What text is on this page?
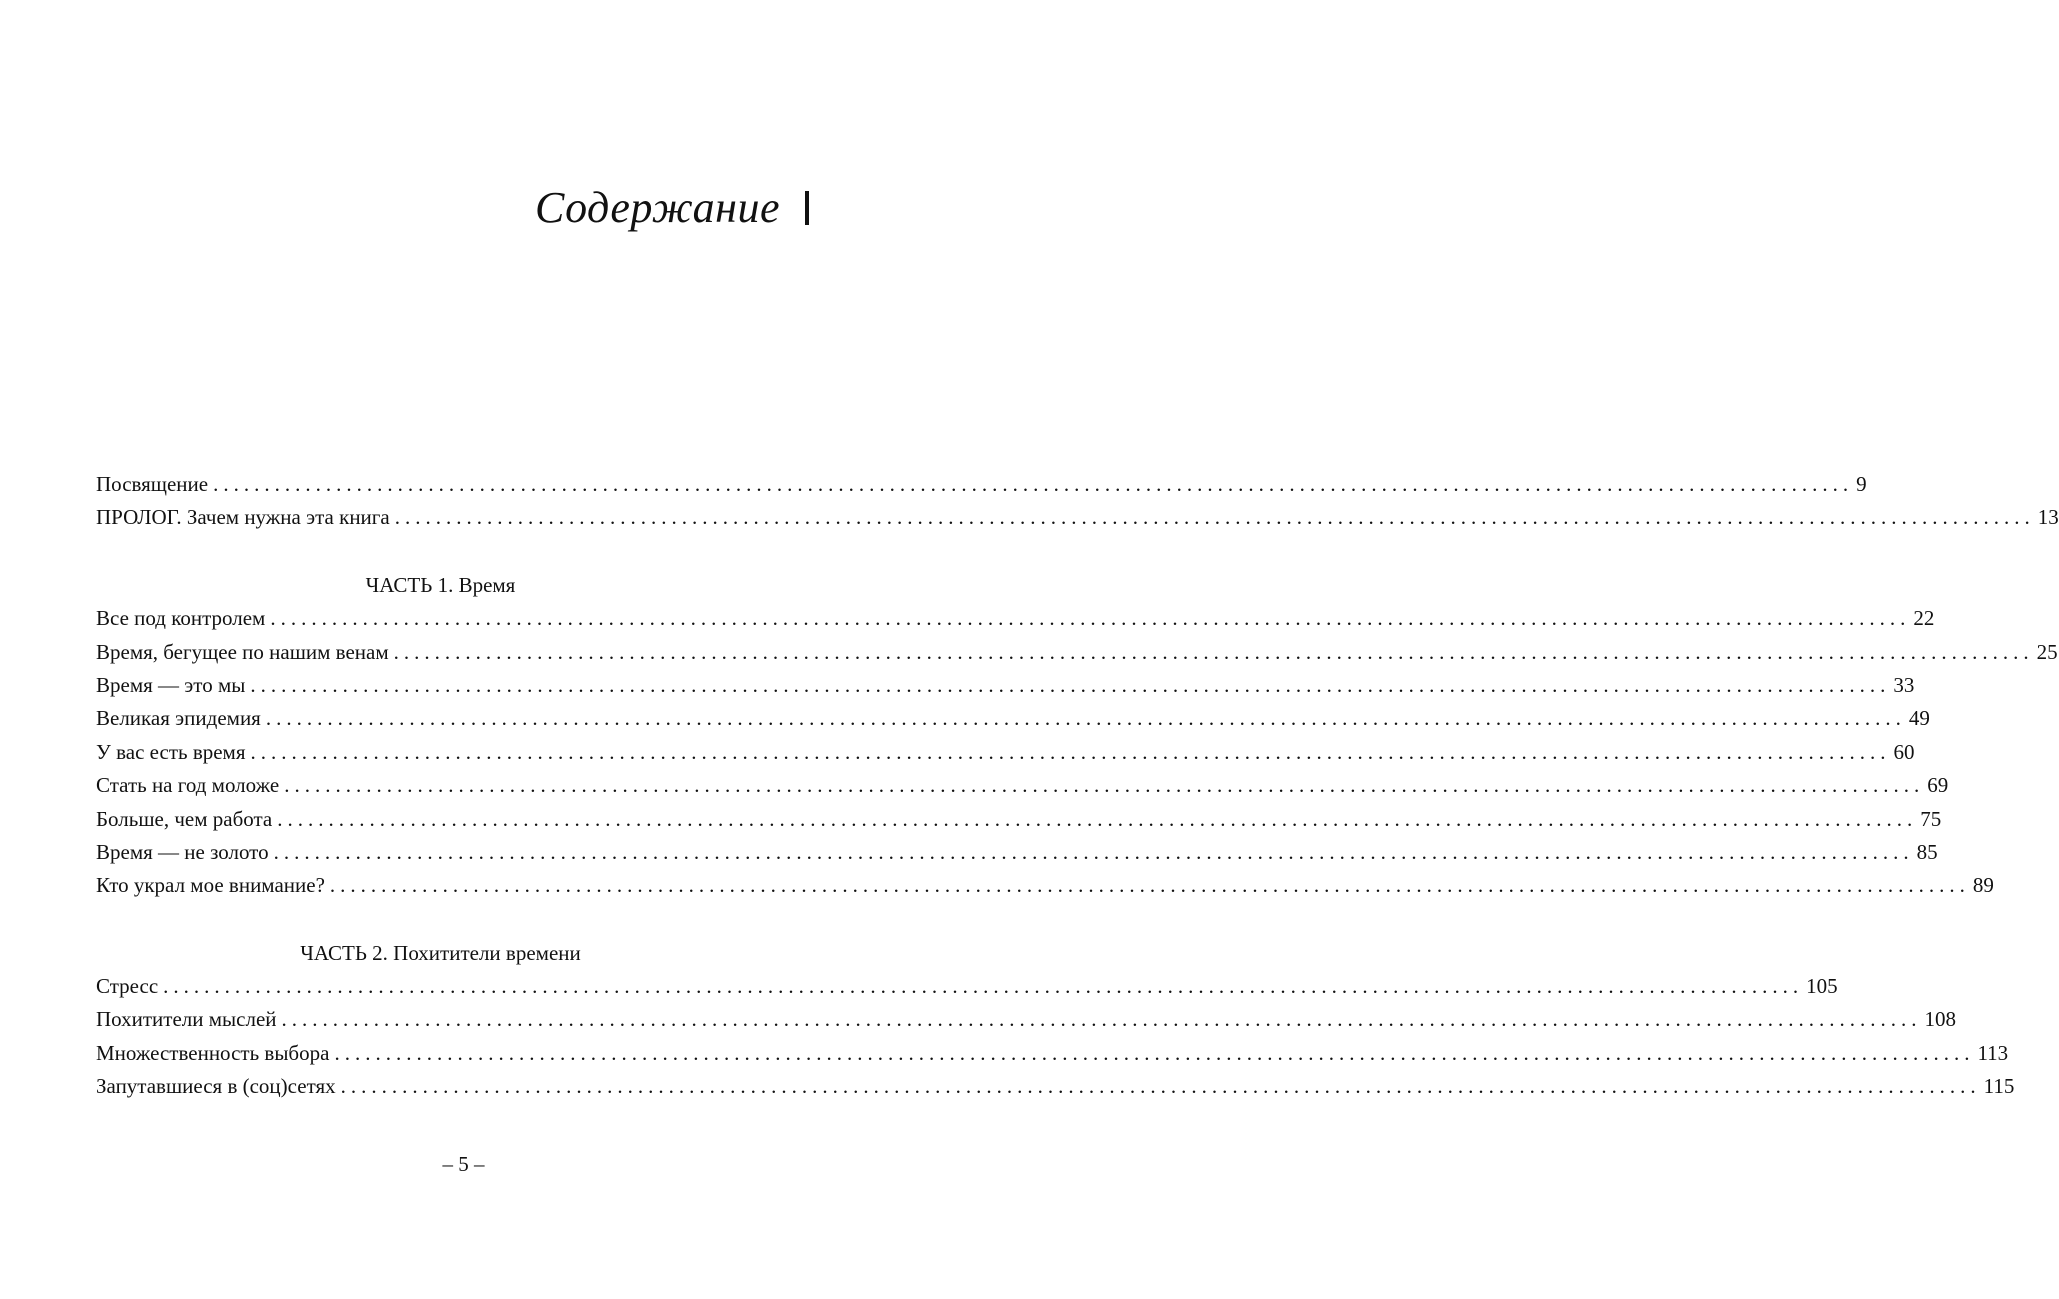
Содержание
Посвящение ................................................................................................................................................................ 9
ПРОЛОГ. Зачем нужна эта книга ................................................................................................................................................................ 13
ЧАСТЬ 1. Время
Все под контролем ................................................................................................................................................................ 22
Время, бегущее по нашим венам ................................................................................................................................................................ 25
Время — это мы ................................................................................................................................................................ 33
Великая эпидемия ................................................................................................................................................................ 49
У вас есть время ................................................................................................................................................................ 60
Стать на год моложе ................................................................................................................................................................ 69
Больше, чем работа ................................................................................................................................................................ 75
Время — не золото ................................................................................................................................................................ 85
Кто украл мое внимание? ................................................................................................................................................................ 89
ЧАСТЬ 2. Похитители времени
Стресс ................................................................................................................................................................ 105
Похитители мыслей ................................................................................................................................................................ 108
Множественность выбора ................................................................................................................................................................ 113
Запутавшиеся в (соц)сетях ................................................................................................................................................................ 115
– 5 –
